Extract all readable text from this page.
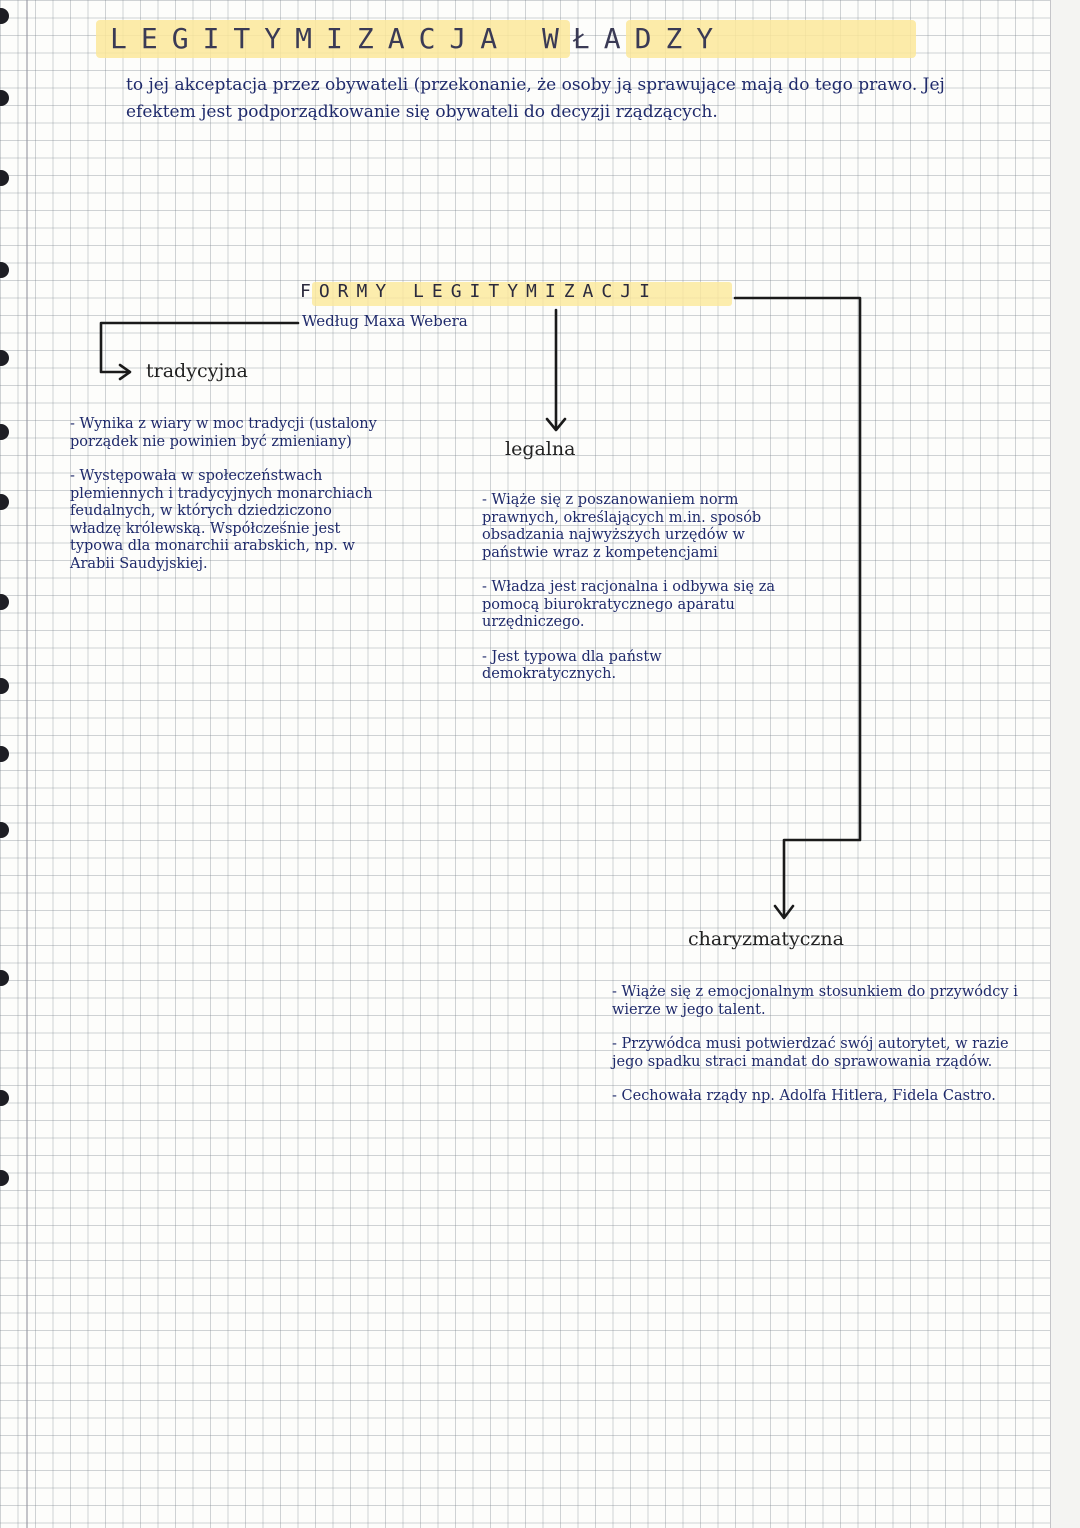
LEGITYMIZACJA WŁADZY

to jej akceptacja przez obywateli (przekonanie, że osoby ją sprawujące mają do tego prawo. Jej efektem jest podporządkowanie się obywateli do decyzji rządzących.

FORMY LEGITYMIZACJI

Według Maxa Webera

tradycyjna
- Wynika z wiary w moc tradycji (ustalony porządek nie powinien być zmieniany)
- Występowała w społeczeństwach plemiennych i tradycyjnych monarchiach feudalnych, w których dziedziczono władzę królewską. Współcześnie jest typowa dla monarchii arabskich, np. w Arabii Saudyjskiej.
legalna
- Wiąże się z poszanowaniem norm prawnych, określających m.in. sposób obsadzania najwyższych urzędów w państwie wraz z kompetencjami
- Władza jest racjonalna i odbywa się za pomocą biurokratycznego aparatu urzędniczego.
- Jest typowa dla państw demokratycznych.
charyzmatyczna
- Wiąże się z emocjonalnym stosunkiem do przywódcy i wierze w jego talent.
- Przywódca musi potwierdzać swój autorytet, w razie jego spadku straci mandat do sprawowania rządów.
- Cechowała rządy np. Adolfa Hitlera, Fidela Castro.
